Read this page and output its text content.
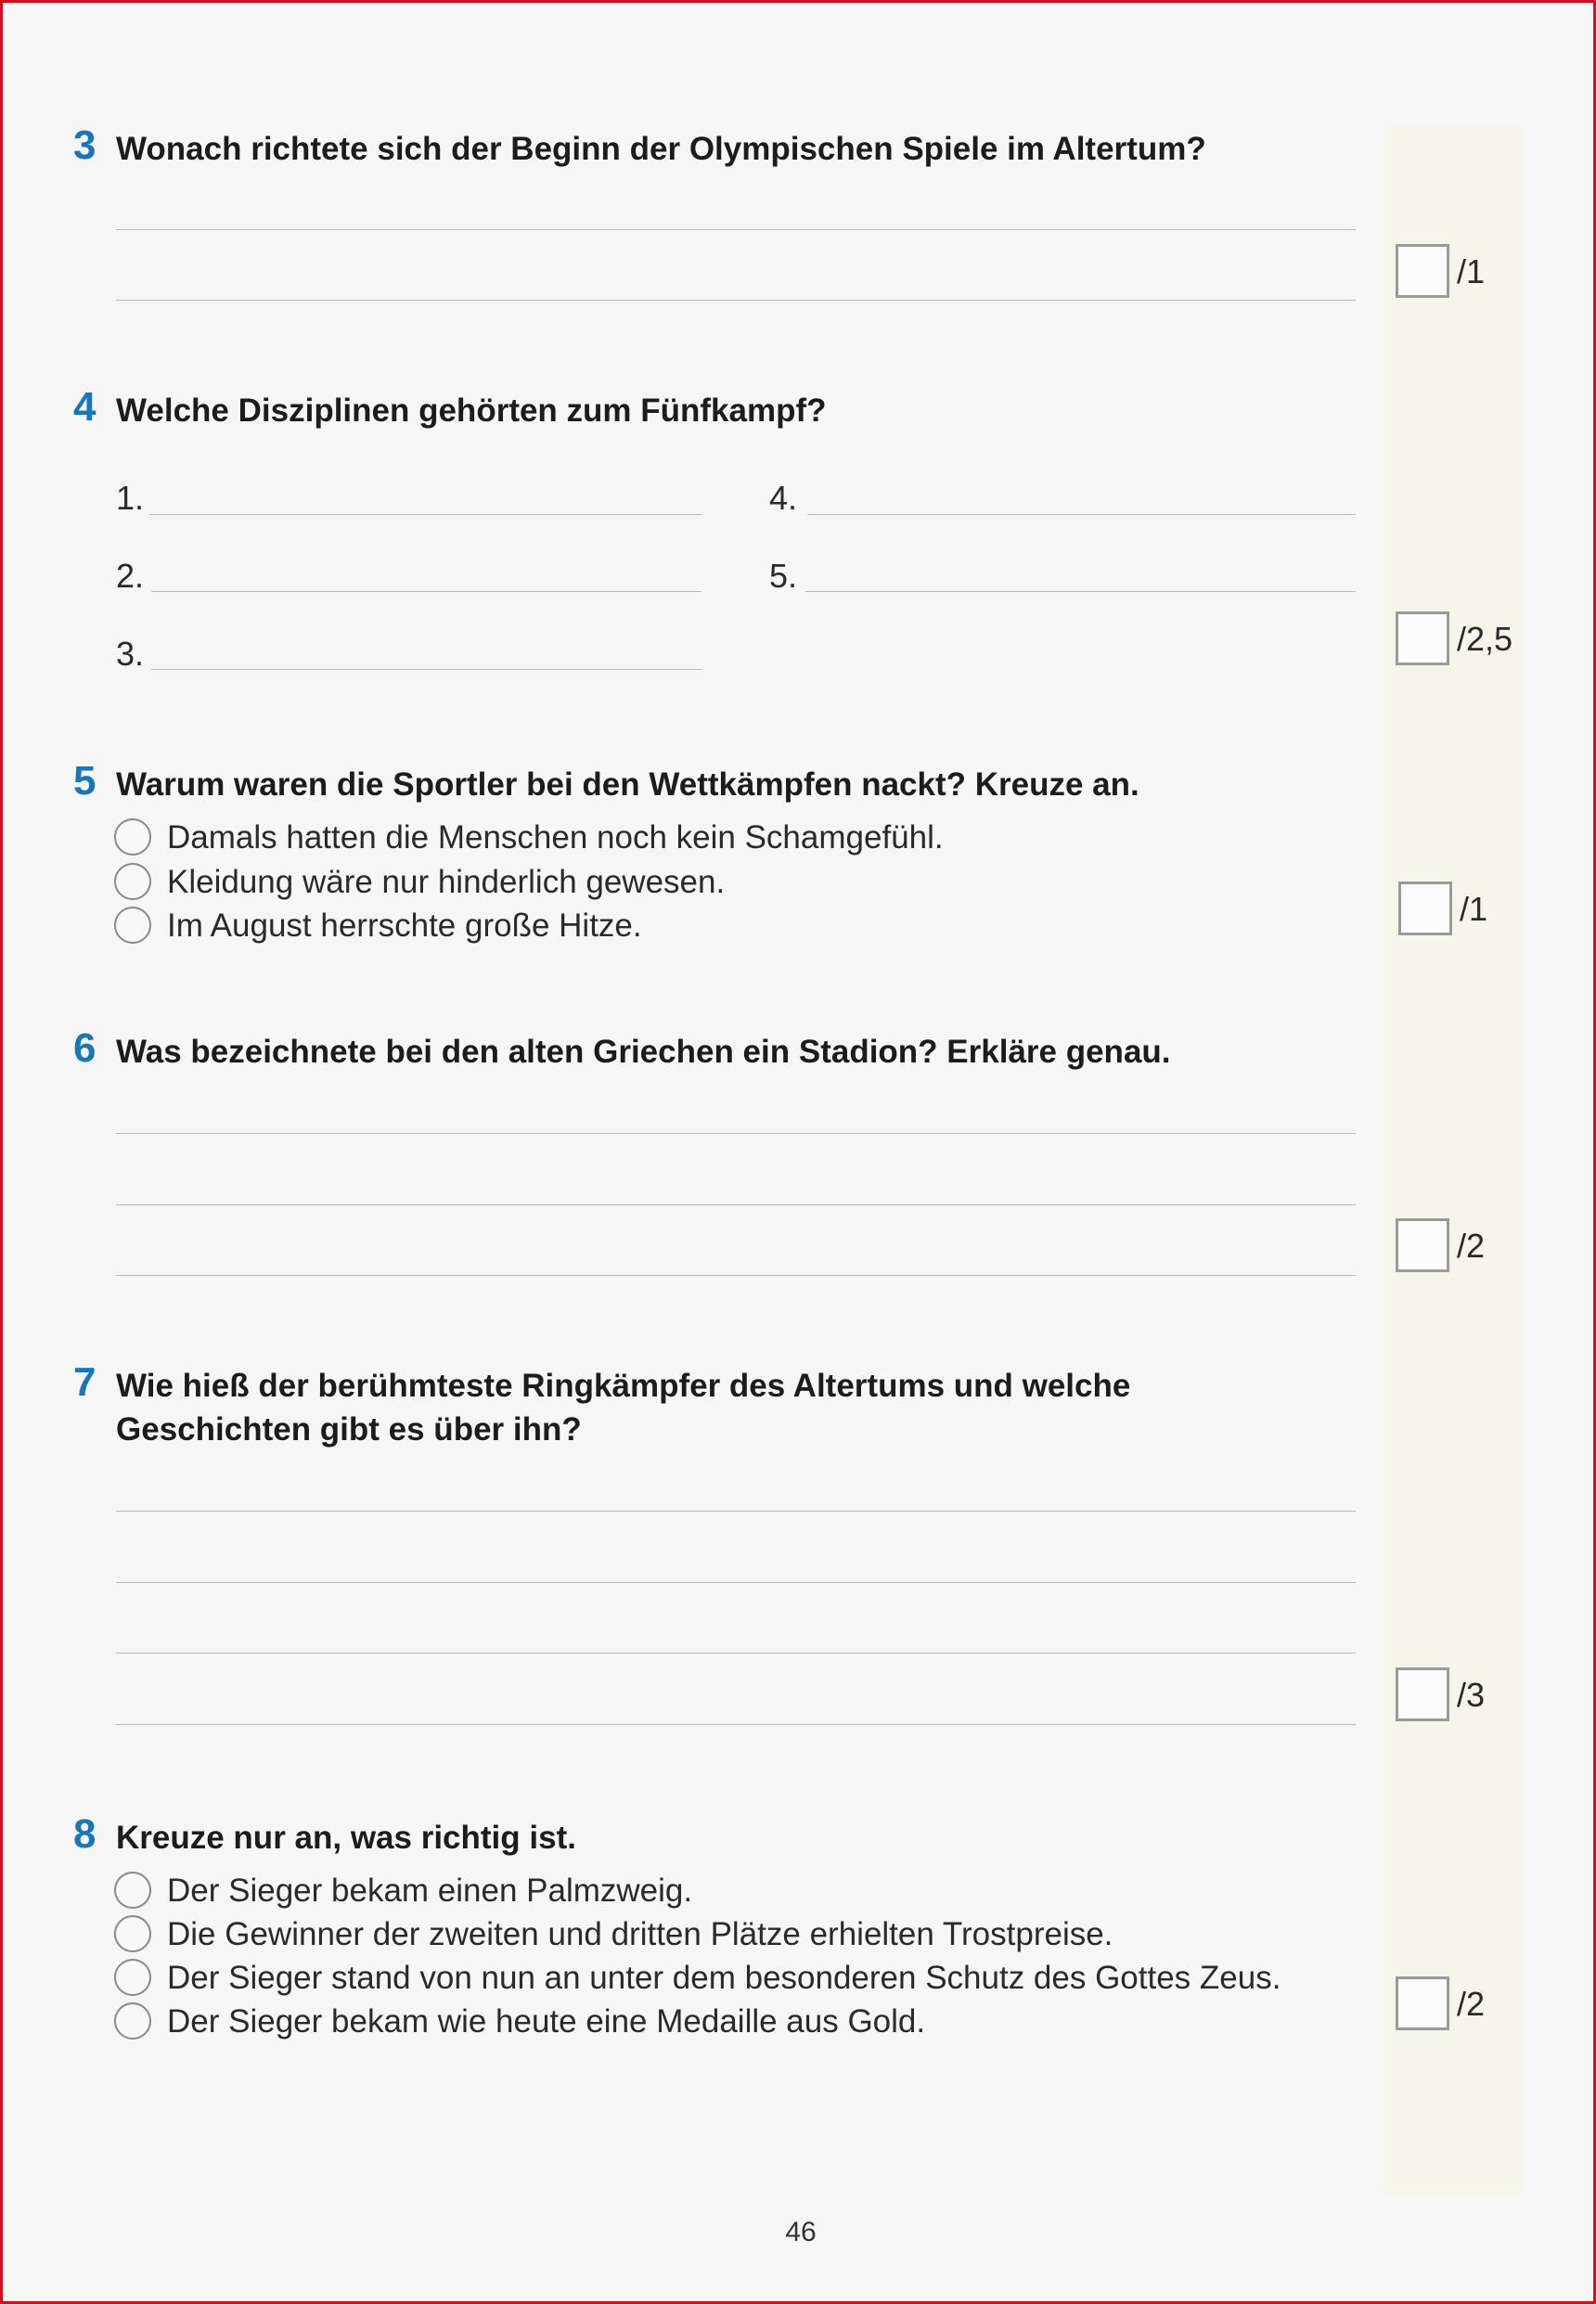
3 Wonach richtete sich der Beginn der Olympischen Spiele im Altertum?
/1
4 Welche Disziplinen gehörten zum Fünfkampf?
1.
2.
3.
4.
5.
/2,5
5 Warum waren die Sportler bei den Wettkämpfen nackt? Kreuze an.
Damals hatten die Menschen noch kein Schamgefühl.
Kleidung wäre nur hinderlich gewesen.
Im August herrschte große Hitze.	/1
6 Was bezeichnete bei den alten Griechen ein Stadion? Erkläre genau.
/2
7 Wie hieß der berühmteste Ringkämpfer des Altertums und welche
Geschichten gibt es über ihn?
/3
8 Kreuze nur an, was richtig ist.
Der Sieger bekam einen Palmzweig.
Die Gewinner der zweiten und dritten Plätze erhielten Trostpreise.
Der Sieger stand von nun an unter dem besonderen Schutz des Gottes Zeus.
Der Sieger bekam wie heute eine Medaille aus Gold.	/2
46
